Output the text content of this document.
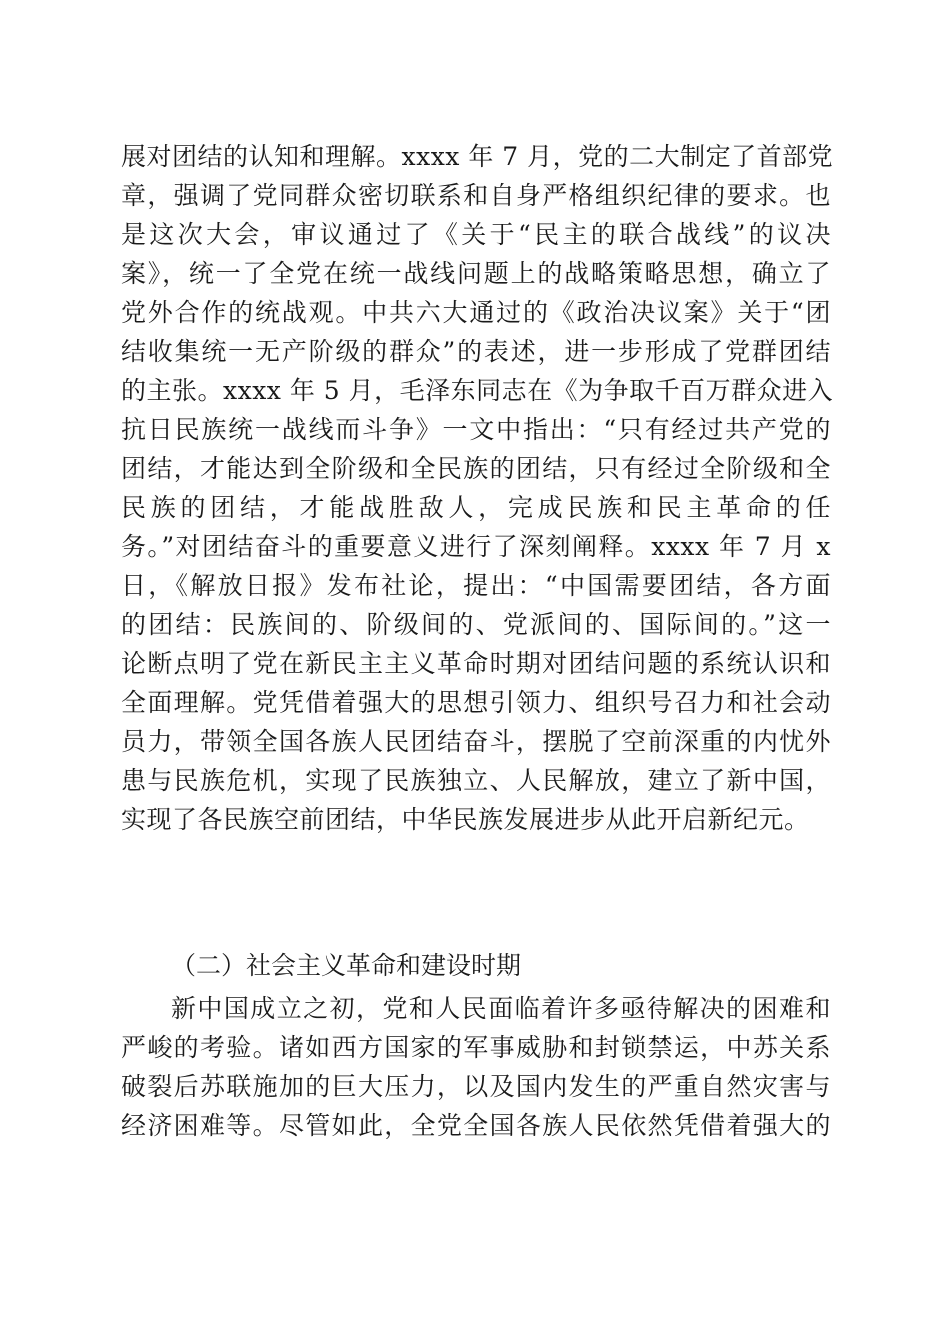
展对团结的认知和理解。xxxx 年 7 月，党的二大制定了首部党
章，强调了党同群众密切联系和自身严格组织纪律的要求。也
是这次大会，审议通过了《关于“民主的联合战线”的议决
案》，统一了全党在统一战线问题上的战略策略思想，确立了
党外合作的统战观。中共六大通过的《政治决议案》关于“团
结收集统一无产阶级的群众”的表述，进一步形成了党群团结
的主张。xxxx 年 5 月，毛泽东同志在《为争取千百万群众进入
抗日民族统一战线而斗争》一文中指出：“只有经过共产党的
团结，才能达到全阶级和全民族的团结，只有经过全阶级和全
民族的团结，才能战胜敌人，完成民族和民主革命的任
务。”对团结奋斗的重要意义进行了深刻阐释。xxxx 年 7 月 x
日，《解放日报》发布社论，提出：“中国需要团结，各方面
的团结：民族间的、阶级间的、党派间的、国际间的。”这一
论断点明了党在新民主主义革命时期对团结问题的系统认识和
全面理解。党凭借着强大的思想引领力、组织号召力和社会动
员力，带领全国各族人民团结奋斗，摆脱了空前深重的内忧外
患与民族危机，实现了民族独立、人民解放，建立了新中国，
实现了各民族空前团结，中华民族发展进步从此开启新纪元。
（二）社会主义革命和建设时期
新中国成立之初，党和人民面临着许多亟待解决的困难和
严峻的考验。诸如西方国家的军事威胁和封锁禁运，中苏关系
破裂后苏联施加的巨大压力，以及国内发生的严重自然灾害与
经济困难等。尽管如此，全党全国各族人民依然凭借着强大的
